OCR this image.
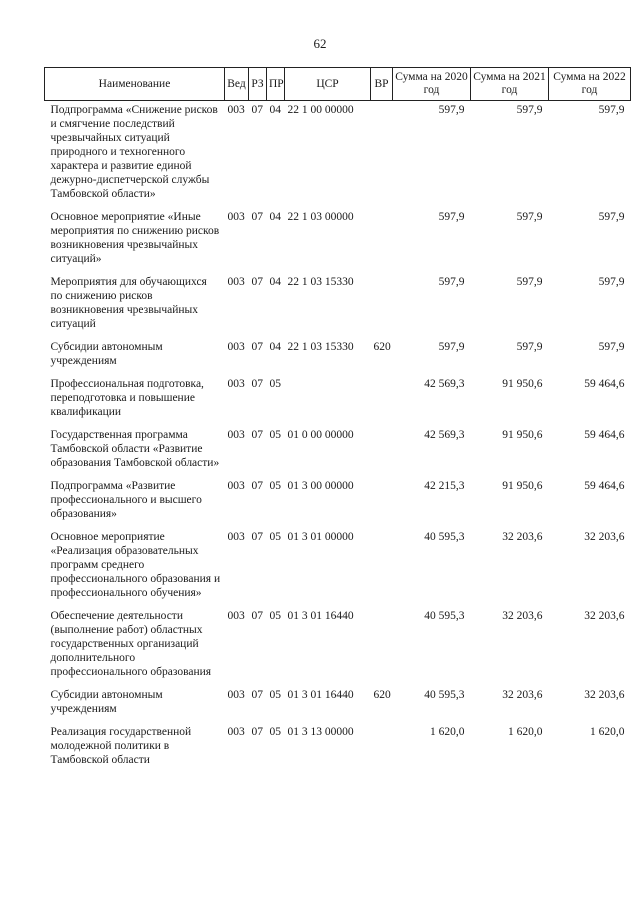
62
Наименование	Вед	РЗ	ПР	ЦСР	ВР	Сумма на 2020 год	Сумма на 2021 год	Сумма на 2022 год
Подпрограмма «Снижение рисков и смягчение последствий чрезвычайных ситуаций природного и техногенного характера и развитие единой дежурно-диспетчерской службы Тамбовской области»	003	07	04	22 1 00 00000		597,9	597,9	597,9
Основное мероприятие «Иные мероприятия по снижению рисков возникновения чрезвычайных ситуаций»	003	07	04	22 1 03 00000		597,9	597,9	597,9
Мероприятия для обучающихся по снижению рисков возникновения чрезвычайных ситуаций	003	07	04	22 1 03 15330		597,9	597,9	597,9
Субсидии автономным учреждениям	003	07	04	22 1 03 15330	620	597,9	597,9	597,9
Профессиональная подготовка, переподготовка и повышение квалификации	003	07	05			42 569,3	91 950,6	59 464,6
Государственная программа Тамбовской области «Развитие образования Тамбовской области»	003	07	05	01 0 00 00000		42 569,3	91 950,6	59 464,6
Подпрограмма «Развитие профессионального и высшего образования»	003	07	05	01 3 00 00000		42 215,3	91 950,6	59 464,6
Основное мероприятие «Реализация образовательных программ среднего профессионального образования и профессионального обучения»	003	07	05	01 3 01 00000		40 595,3	32 203,6	32 203,6
Обеспечение деятельности (выполнение работ) областных государственных организаций дополнительного профессионального образования	003	07	05	01 3 01 16440		40 595,3	32 203,6	32 203,6
Субсидии автономным учреждениям	003	07	05	01 3 01 16440	620	40 595,3	32 203,6	32 203,6
Реализация государственной молодежной политики в Тамбовской области	003	07	05	01 3 13 00000		1 620,0	1 620,0	1 620,0
